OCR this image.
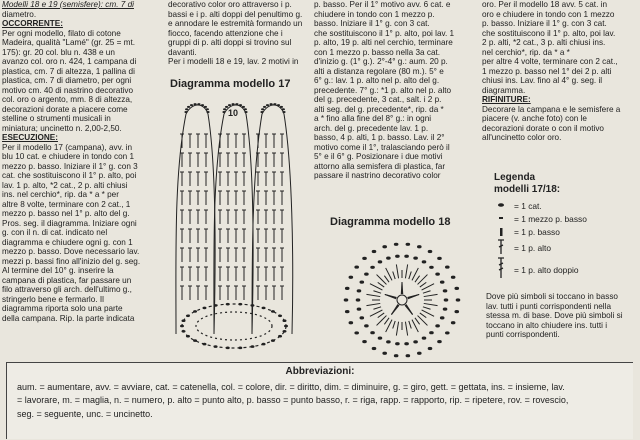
Modelli 18 e 19 (semisfere): cm. 7 di

diametro.

OCCORRENTE:

Per ogni modello, filato di cotone

Madeira, qualità "Lamé" (gr. 25 = mt.

175): gr. 20 col. blu n. 438 e un

avanzo col. oro n. 424, 1 campana di

plastica, cm. 7 di altezza, 1 pallina di

plastica, cm. 7 di diametro, per ogni

motivo cm. 40 di nastrino decorativo

col. oro o argento, mm. 8 di altezza,

decorazioni dorate a piacere come

stelline o strumenti musicali in

miniatura; uncinetto n. 2,00-2,50.

ESECUZIONE:

Per il modello 17 (campana), avv. in

blu 10 cat. e chiudere in tondo con 1

mezzo p. basso. Iniziare il 1° g. con 3

cat. che sostituiscono il 1° p. alto, poi

lav. 1 p. alto, *2 cat., 2 p. alti chiusi

ins. nel cerchio*, rip. da * a * per

altre 8 volte, terminare con 2 cat., 1

mezzo p. basso nel 1° p. alto del g.

Pros. seg. il diagramma. Iniziare ogni

g. con il n. di cat. indicato nel

diagramma e chiudere ogni g. con 1

mezzo p. basso. Dove necessario lav.

mezzi p. bassi fino all'inizio del g. seg.

Al termine del 10° g. inserire la

campana di plastica, far passare un

filo attraverso gli arch. dell'ultimo g.,

stringerlo bene e fermarlo. Il

diagramma riporta solo una parte

della campana. Rip. la parte indicata

decorativo color oro attraverso i p.

bassi e i p. alti doppi del penultimo g.

e annodare le estremità formando un

fiocco, facendo attenzione che i

gruppi di p. alti doppi si trovino sul

davanti.

Per i modelli 18 e 19, lav. 2 motivi in

Diagramma modello 17
10
Diagramma modello 18

p. basso. Per il 1° motivo avv. 6 cat. e

chiudere in tondo con 1 mezzo p.

basso. Iniziare il 1° g. con 3 cat.

che sostituiscono il 1° p. alto, poi lav. 1

p. alto, 19 p. alti nel cerchio, terminare

con 1 mezzo p. basso nella 3a cat.

d'inizio g. (1° g.). 2°-4° g.: aum. 20 p.

alti a distanza regolare (80 m.). 5° e

6° g.: lav. 1 p. alto nel p. alto del g.

precedente. 7° g.: *1 p. alto nel p. alto

del g. precedente, 3 cat., salt. i 2 p.

alti seg. del g. precedente*, rip. da *

a * fino alla fine del 8° g.: in ogni

arch. del g. precedente lav. 1 p.

basso, 4 p. alti, 1 p. basso. Lav. il 2°

motivo come il 1°, tralasciando però il

5° e il 6° g. Posizionare i due motivi

attorno alla semisfera di plastica, far

passare il nastrino decorativo color

oro. Per il modello 18 avv. 5 cat. in

oro e chiudere in tondo con 1 mezzo

p. basso. Iniziare il 1° g. con 3 cat.

che sostituiscono il 1° p. alto, poi lav.

2 p. alti, *2 cat., 3 p. alti chiusi ins.

nel cerchio*, rip. da * a *

per altre 4 volte, terminare con 2 cat.,

1 mezzo p. basso nel 1° dei 2 p. alti

chiusi ins. Lav. fino al 4° g. seg. il

diagramma.

RIFINITURE:

Decorare la campana e le semisfere a

piacere (v. anche foto) con le

decorazioni dorate o con il motivo

all'uncinetto color oro.

Legenda
modelli 17/18:
= 1 cat.
= 1 mezzo p. basso
= 1 p. basso
= 1 p. alto
= 1 p. alto doppio
Dove più simboli si toccano in basso
lav. tutti i punti corrispondenti nella
stessa m. di base. Dove più simboli si
toccano in alto chiudere ins. tutti i
punti corrispondenti.
Abbreviazioni:
aum. = aumentare, avv. = avviare, cat. = catenella, col. = colore, dir. = diritto, dim. = diminuire, g. = giro, gett. = gettata, ins. = insieme, lav.
= lavorare, m. = maglia, n. = numero, p. alto = punto alto, p. basso = punto basso, r. = riga, rapp. = rapporto, rip. = ripetere, rov. = rovescio,
seg. = seguente, unc. = uncinetto.
